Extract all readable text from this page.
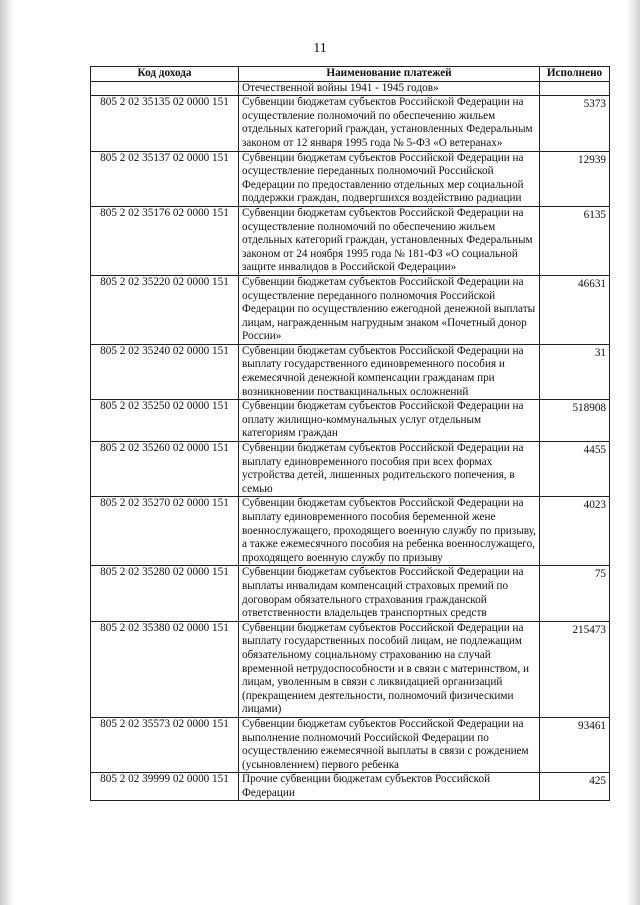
11
Код дохода	Наименование платежей	Исполнено
	Отечественной войны 1941 - 1945 годов»	
805 2 02 35135 02 0000 151	Субвенции бюджетам субъектов Российской Федерации на осуществление полномочий по обеспечению жильем отдельных категорий граждан, установленных Федеральным законом от 12 января 1995 года № 5-ФЗ «О ветеранах»	5373
805 2 02 35137 02 0000 151	Субвенции бюджетам субъектов Российской Федерации на осуществление переданных полномочий Российской Федерации по предоставлению отдельных мер социальной поддержки граждан, подвергшихся воздействию радиации	12939
805 2 02 35176 02 0000 151	Субвенции бюджетам субъектов Российской Федерации на осуществление полномочий по обеспечению жильем отдельных категорий граждан, установленных Федеральным законом от 24 ноября 1995 года № 181-ФЗ «О социальной защите инвалидов в Российской Федерации»	6135
805 2 02 35220 02 0000 151	Субвенции бюджетам субъектов Российской Федерации на осуществление переданного полномочия Российской Федерации по осуществлению ежегодной денежной выплаты лицам, награжденным нагрудным знаком «Почетный донор России»	46631
805 2 02 35240 02 0000 151	Субвенции бюджетам субъектов Российской Федерации на выплату государственного единовременного пособия и ежемесячной денежной компенсации гражданам при возникновении поствакцинальных осложнений	31
805 2 02 35250 02 0000 151	Субвенции бюджетам субъектов Российской Федерации на оплату жилищно-коммунальных услуг отдельным категориям граждан	518908
805 2 02 35260 02 0000 151	Субвенции бюджетам субъектов Российской Федерации на выплату единовременного пособия при всех формах устройства детей, лишенных родительского попечения, в семью	4455
805 2 02 35270 02 0000 151	Субвенции бюджетам субъектов Российской Федерации на выплату единовременного пособия беременной жене военнослужащего, проходящего военную службу по призыву, а также ежемесячного пособия на ребенка военнослужащего, проходящего военную службу по призыву	4023
805 2 02 35280 02 0000 151	Субвенции бюджетам субъектов Российской Федерации на выплаты инвалидам компенсаций страховых премий по договорам обязательного страхования гражданской ответственности владельцев транспортных средств	75
805 2 02 35380 02 0000 151	Субвенции бюджетам субъектов Российской Федерации на выплату государственных пособий лицам, не подлежащим обязательному социальному страхованию на случай временной нетрудоспособности и в связи с материнством, и лицам, уволенным в связи с ликвидацией организаций (прекращением деятельности, полномочий физическими лицами)	215473
805 2 02 35573 02 0000 151	Субвенции бюджетам субъектов Российской Федерации на выполнение полномочий Российской Федерации по осуществлению ежемесячной выплаты в связи с рождением (усыновлением) первого ребенка	93461
805 2 02 39999 02 0000 151	Прочие субвенции бюджетам субъектов Российской Федерации	425
